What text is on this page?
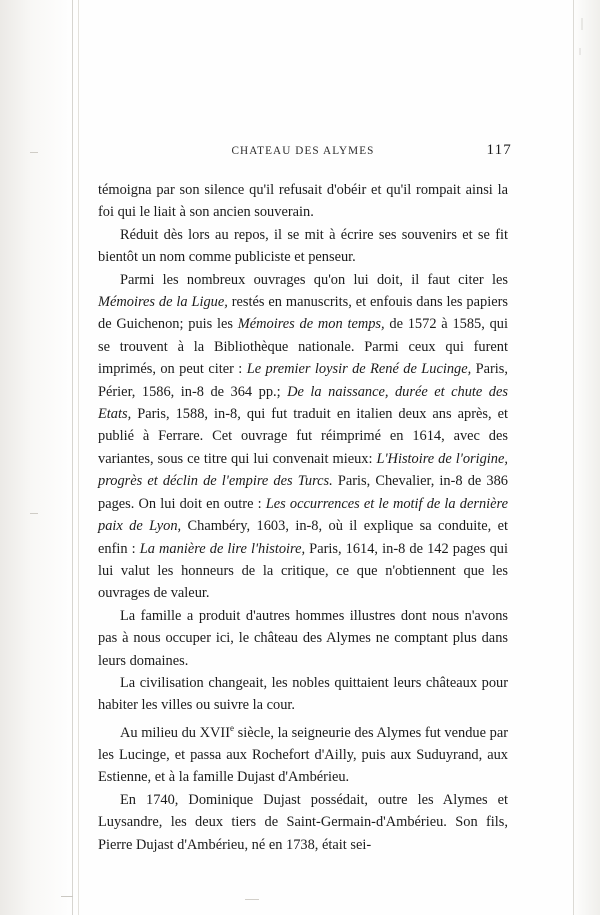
CHATEAU DES ALYMES	117

témoigna par son silence qu'il refusait d'obéir et qu'il rompait ainsi la foi qui le liait à son ancien souverain.

Réduit dès lors au repos, il se mit à écrire ses souvenirs et se fit bientôt un nom comme publiciste et penseur.

Parmi les nombreux ouvrages qu'on lui doit, il faut citer les Mémoires de la Ligue, restés en manuscrits, et enfouis dans les papiers de Guichenon; puis les Mémoires de mon temps, de 1572 à 1585, qui se trouvent à la Bibliothèque nationale. Parmi ceux qui furent imprimés, on peut citer : Le premier loysir de René de Lucinge, Paris, Périer, 1586, in-8 de 364 pp.; De la naissance, durée et chute des Etats, Paris, 1588, in-8, qui fut traduit en italien deux ans après, et publié à Ferrare. Cet ouvrage fut réimprimé en 1614, avec des variantes, sous ce titre qui lui convenait mieux: L'Histoire de l'origine, progrès et déclin de l'empire des Turcs. Paris, Chevalier, in-8 de 386 pages. On lui doit en outre : Les occurrences et le motif de la dernière paix de Lyon, Chambéry, 1603, in-8, où il explique sa conduite, et enfin : La manière de lire l'histoire, Paris, 1614, in-8 de 142 pages qui lui valut les honneurs de la critique, ce que n'obtiennent que les ouvrages de valeur.

La famille a produit d'autres hommes illustres dont nous n'avons pas à nous occuper ici, le château des Alymes ne comptant plus dans leurs domaines.

La civilisation changeait, les nobles quittaient leurs châteaux pour habiter les villes ou suivre la cour.

Au milieu du XVIIe siècle, la seigneurie des Alymes fut vendue par les Lucinge, et passa aux Rochefort d'Ailly, puis aux Suduyrand, aux Estienne, et à la famille Dujast d'Ambérieu.

En 1740, Dominique Dujast possédait, outre les Alymes et Luysandre, les deux tiers de Saint-Germain-d'Ambérieu. Son fils, Pierre Dujast d'Ambérieu, né en 1738, était sei-
